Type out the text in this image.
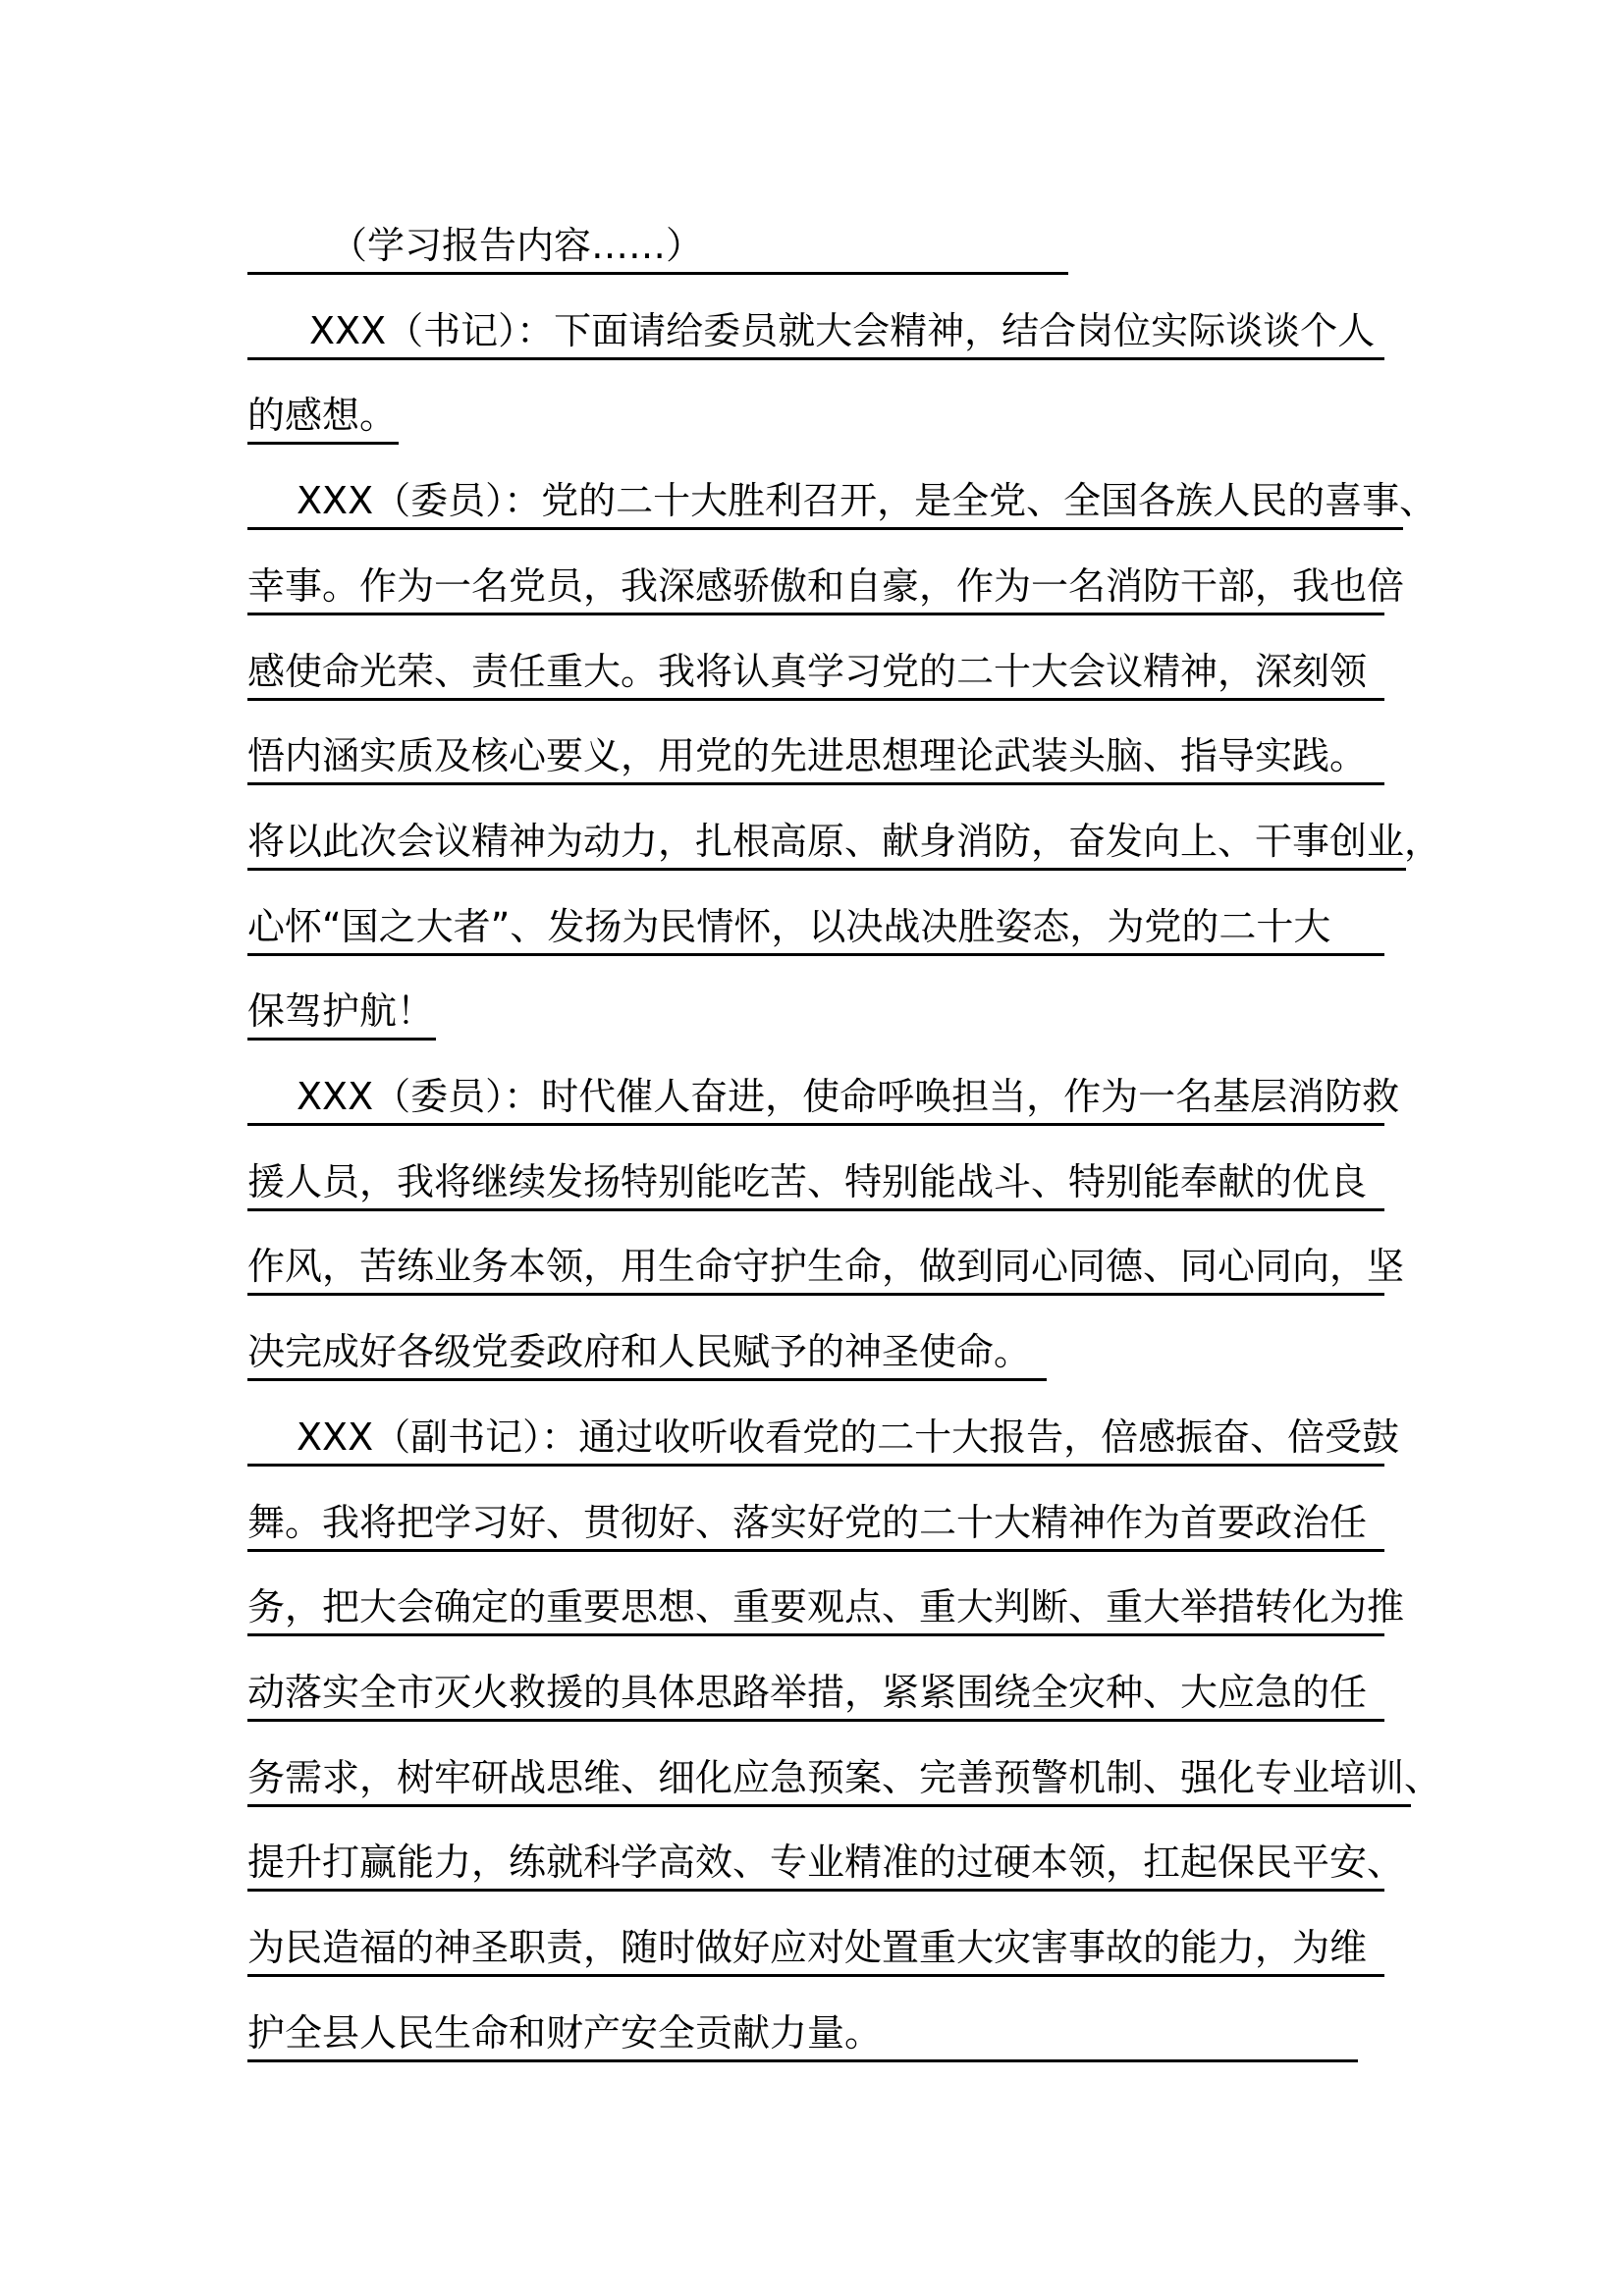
（学习报告内容……）
XXX（书记）：下面请给委员就大会精神，结合岗位实际谈谈个人
的感想。
XXX（委员）：党的二十大胜利召开，是全党、全国各族人民的喜事、
幸事。作为一名党员，我深感骄傲和自豪，作为一名消防干部，我也倍
感使命光荣、责任重大。我将认真学习党的二十大会议精神，深刻领
悟内涵实质及核心要义，用党的先进思想理论武装头脑、指导实践。
将以此次会议精神为动力，扎根高原、献身消防，奋发向上、干事创业，
心怀“国之大者”、发扬为民情怀，以决战决胜姿态，为党的二十大
保驾护航！
XXX（委员）：时代催人奋进，使命呼唤担当，作为一名基层消防救
援人员，我将继续发扬特别能吃苦、特别能战斗、特别能奉献的优良
作风，苦练业务本领，用生命守护生命，做到同心同德、同心同向，坚
决完成好各级党委政府和人民赋予的神圣使命。
XXX（副书记）：通过收听收看党的二十大报告，倍感振奋、倍受鼓
舞。我将把学习好、贯彻好、落实好党的二十大精神作为首要政治任
务，把大会确定的重要思想、重要观点、重大判断、重大举措转化为推
动落实全市灭火救援的具体思路举措，紧紧围绕全灾种、大应急的任
务需求，树牢研战思维、细化应急预案、完善预警机制、强化专业培训、
提升打赢能力，练就科学高效、专业精准的过硬本领，扛起保民平安、
为民造福的神圣职责，随时做好应对处置重大灾害事故的能力，为维
护全县人民生命和财产安全贡献力量。
